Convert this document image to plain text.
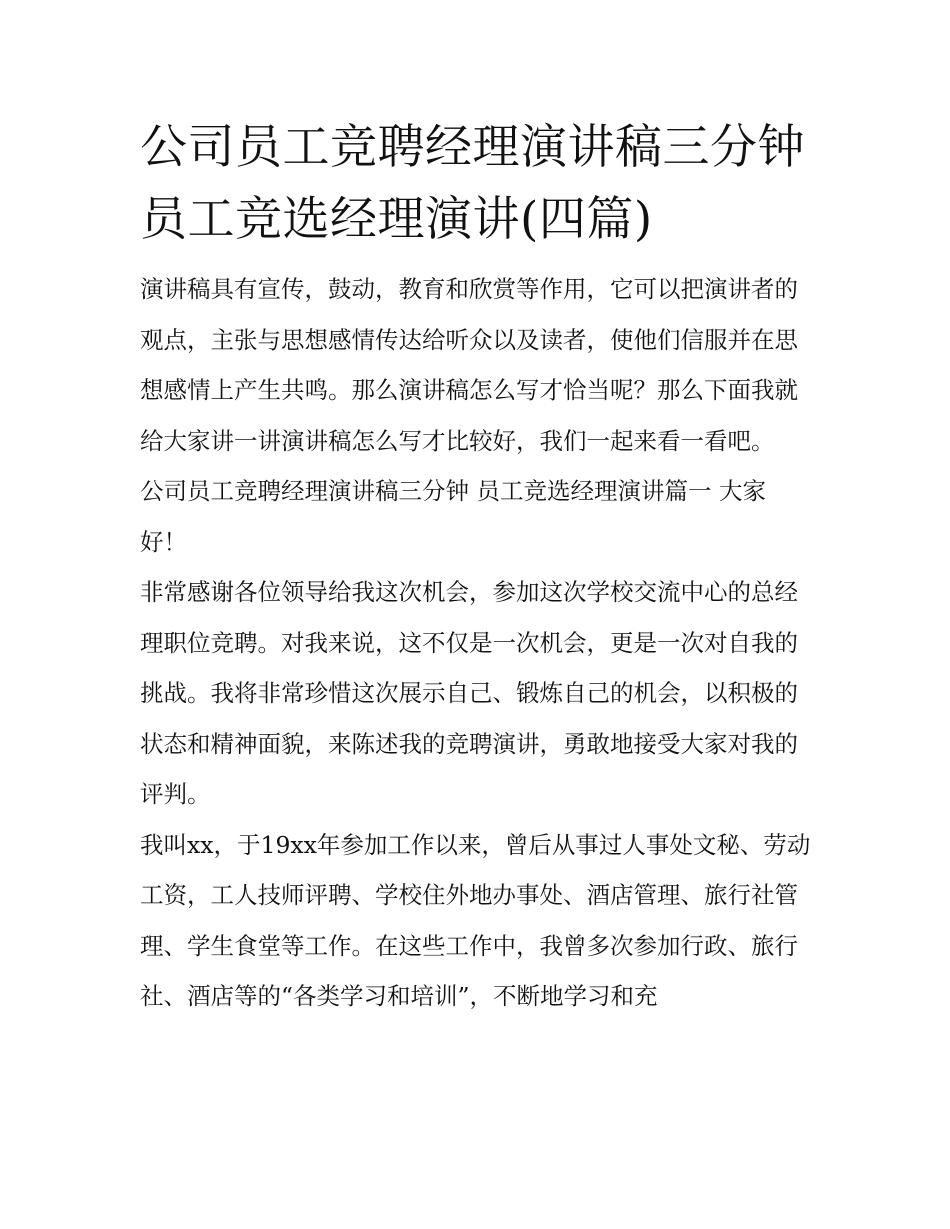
公司员工竞聘经理演讲稿三分钟 员工竞选经理演讲(四篇)

演讲稿具有宣传，鼓动，教育和欣赏等作用，它可以把演讲者的观点，主张与思想感情传达给听众以及读者，使他们信服并在思想感情上产生共鸣。那么演讲稿怎么写才恰当呢？那么下面我就给大家讲一讲演讲稿怎么写才比较好，我们一起来看一看吧。

公司员工竞聘经理演讲稿三分钟 员工竞选经理演讲篇一 大家好！

非常感谢各位领导给我这次机会，参加这次学校交流中心的总经理职位竞聘。对我来说，这不仅是一次机会，更是一次对自我的挑战。我将非常珍惜这次展示自己、锻炼自己的机会，以积极的状态和精神面貌，来陈述我的竞聘演讲，勇敢地接受大家对我的评判。

我叫xx，于19xx年参加工作以来，曾后从事过人事处文秘、劳动工资，工人技师评聘、学校住外地办事处、酒店管理、旅行社管理、学生食堂等工作。在这些工作中，我曾多次参加行政、旅行社、酒店等的“各类学习和培训”，不断地学习和充
